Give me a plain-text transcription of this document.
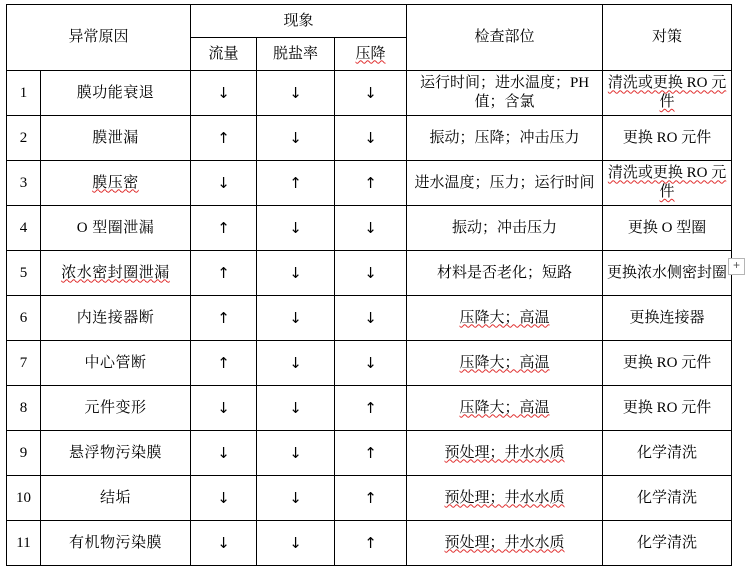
异常原因		现象			检查部位	对策
		流量	脱盐率	压降		
1	膜功能衰退	↓	↓	↓	运行时间；进水温度；PH 值；含氯	清洗或更换 RO 元件
2	膜泄漏	↑	↓	↓	振动；压降；冲击压力	更换 RO 元件
3	膜压密	↓	↑	↑	进水温度；压力；运行时间	清洗或更换 RO 元件
4	O 型圈泄漏	↑	↓	↓	振动；冲击压力	更换 O 型圈
5	浓水密封圈泄漏	↑	↓	↓	材料是否老化；短路	更换浓水侧密封圈
6	内连接器断	↑	↓	↓	压降大；高温	更换连接器
7	中心管断	↑	↓	↓	压降大；高温	更换 RO 元件
8	元件变形	↓	↓	↑	压降大；高温	更换 RO 元件
9	悬浮物污染膜	↓	↓	↑	预处理；井水水质	化学清洗
10	结垢	↓	↓	↑	预处理；井水水质	化学清洗
11	有机物污染膜	↓	↓	↑	预处理；井水水质	化学清洗
+
